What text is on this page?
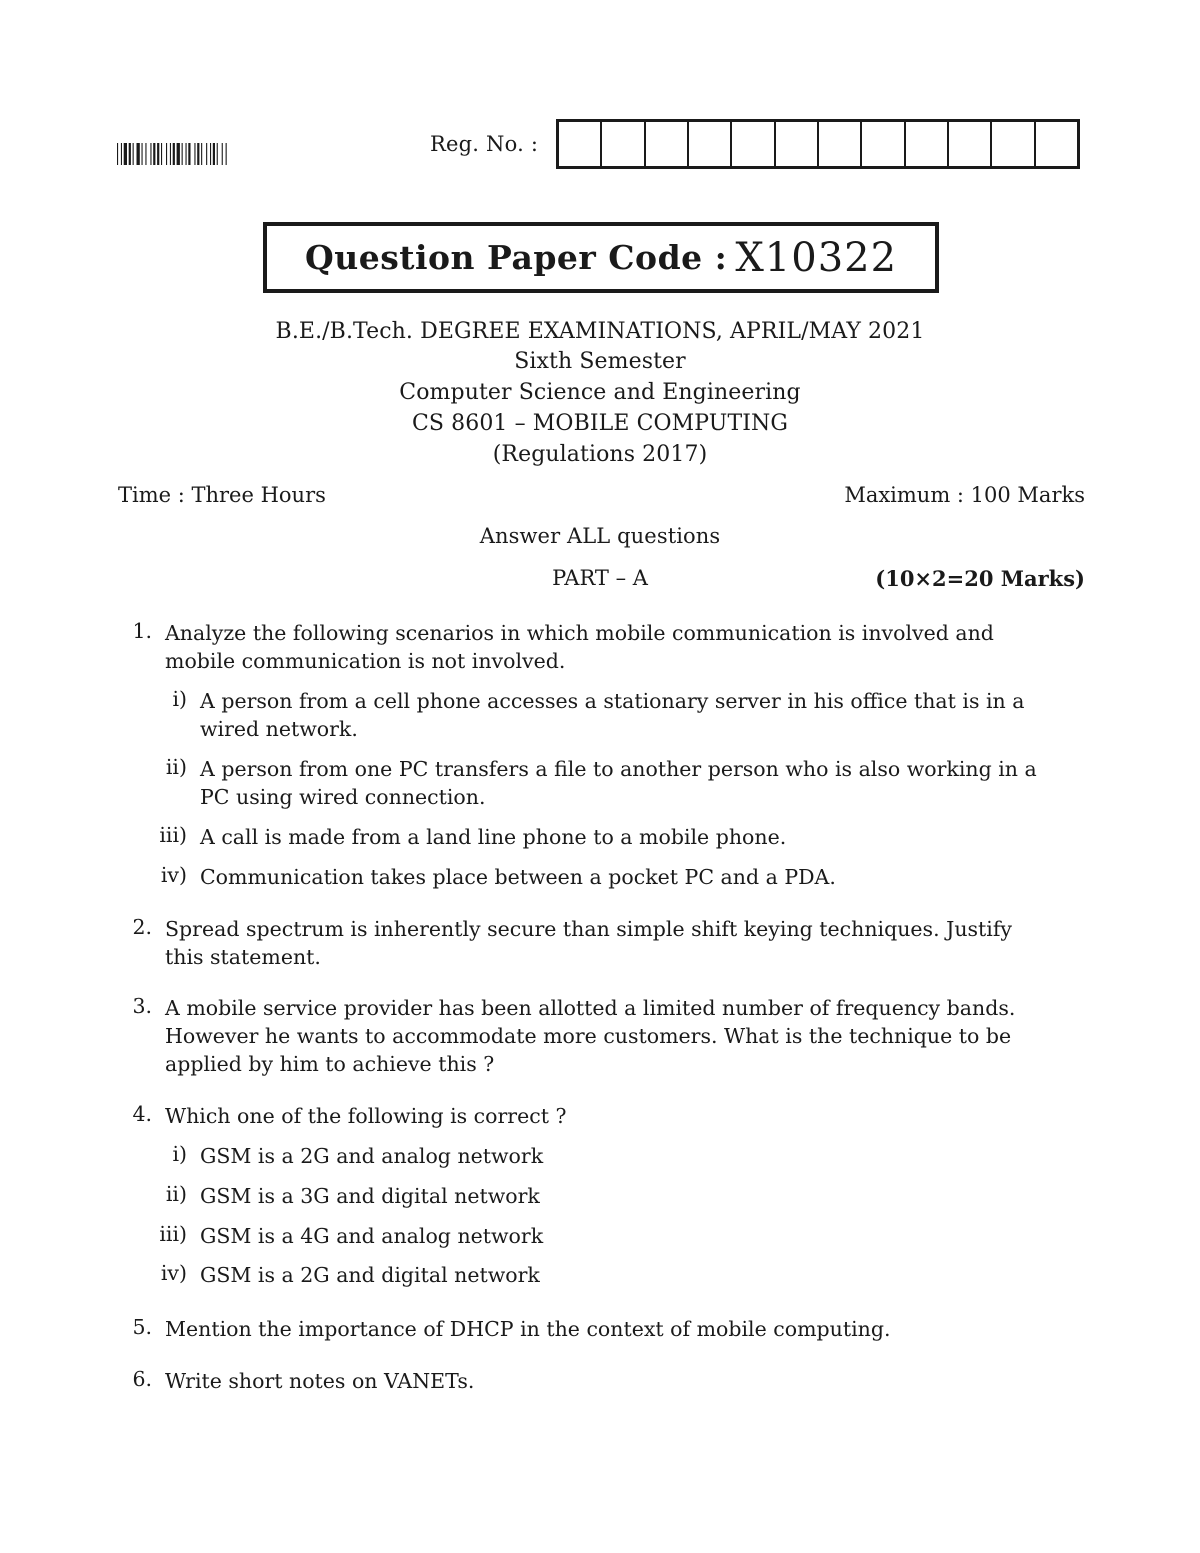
Reg. No. :
Question Paper Code : X10322
B.E./B.Tech. DEGREE EXAMINATIONS, APRIL/MAY 2021
Sixth Semester
Computer Science and Engineering
CS 8601 – MOBILE COMPUTING
(Regulations 2017)
Time : Three Hours	Maximum : 100 Marks
Answer ALL questions
PART – A	(10×2=20 Marks)
1. Analyze the following scenarios in which mobile communication is involved and mobile communication is not involved.
i) A person from a cell phone accesses a stationary server in his office that is in a wired network.
ii) A person from one PC transfers a file to another person who is also working in a PC using wired connection.
iii) A call is made from a land line phone to a mobile phone.
iv) Communication takes place between a pocket PC and a PDA.
2. Spread spectrum is inherently secure than simple shift keying techniques. Justify this statement.
3. A mobile service provider has been allotted a limited number of frequency bands. However he wants to accommodate more customers. What is the technique to be applied by him to achieve this ?
4. Which one of the following is correct ?
i) GSM is a 2G and analog network
ii) GSM is a 3G and digital network
iii) GSM is a 4G and analog network
iv) GSM is a 2G and digital network
5. Mention the importance of DHCP in the context of mobile computing.
6. Write short notes on VANETs.
